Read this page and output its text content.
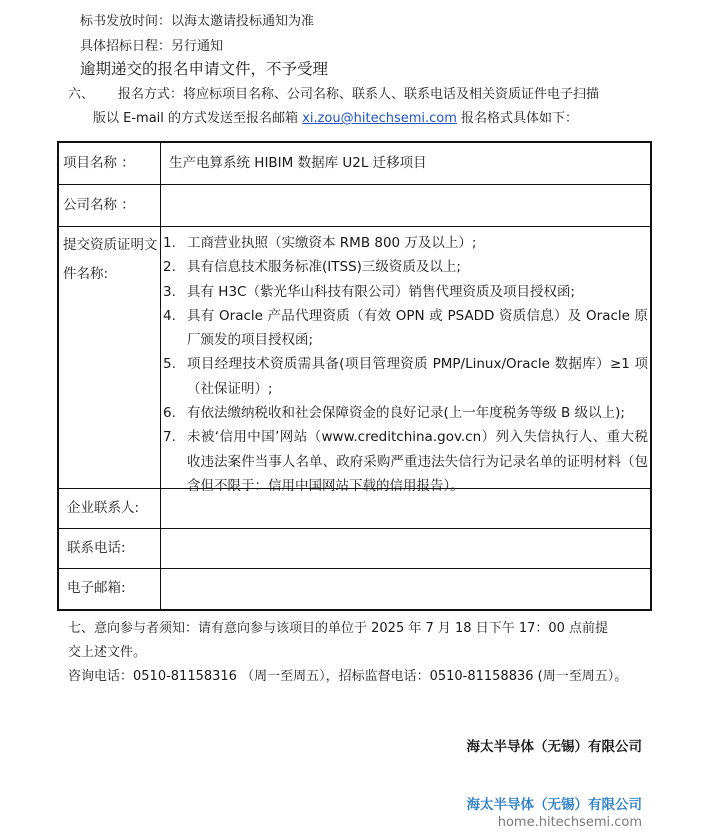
标书发放时间：以海太邀请投标通知为准
具体招标日程：另行通知
逾期递交的报名申请文件，不予受理
六、 报名方式：将应标项目名称、公司名称、联系人、联系电话及相关资质证件电子扫描
版以 E-mail 的方式发送至报名邮箱 xi.zou@hitechsemi.com 报名格式具体如下：
项目名称 ：	生产电算系统 HIBIM 数据库 U2L 迁移项目
公司名称 ：
提交资质证明文件名称:
1. 工商营业执照（实缴资本 RMB 800 万及以上）;
2. 具有信息技术服务标准(ITSS)三级资质及以上;
3. 具有 H3C（紫光华山科技有限公司）销售代理资质及项目授权函;
4. 具有 Oracle 产品代理资质（有效 OPN 或 PSADD 资质信息）及 Oracle 原厂颁发的项目授权函;
5. 项目经理技术资质需具备(项目管理资质 PMP/Linux/Oracle 数据库）≥1 项（社保证明）;
6. 有依法缴纳税收和社会保障资金的良好记录(上一年度税务等级 B 级以上);
7. 未被‘信用中国’网站（www.creditchina.gov.cn）列入失信执行人、重大税收违法案件当事人名单、政府采购严重违法失信行为记录名单的证明材料（包含但不限于：信用中国网站下载的信用报告）。
企业联系人:
联系电话:
电子邮箱:
七、意向参与者须知：请有意向参与该项目的单位于 2025 年 7 月 18 日下午 17：00 点前提
交上述文件。
咨询电话：0510-81158316 （周一至周五），招标监督电话：0510-81158836 (周一至周五）。
海太半导体（无锡）有限公司
海太半导体（无锡）有限公司
home.hitechsemi.com
